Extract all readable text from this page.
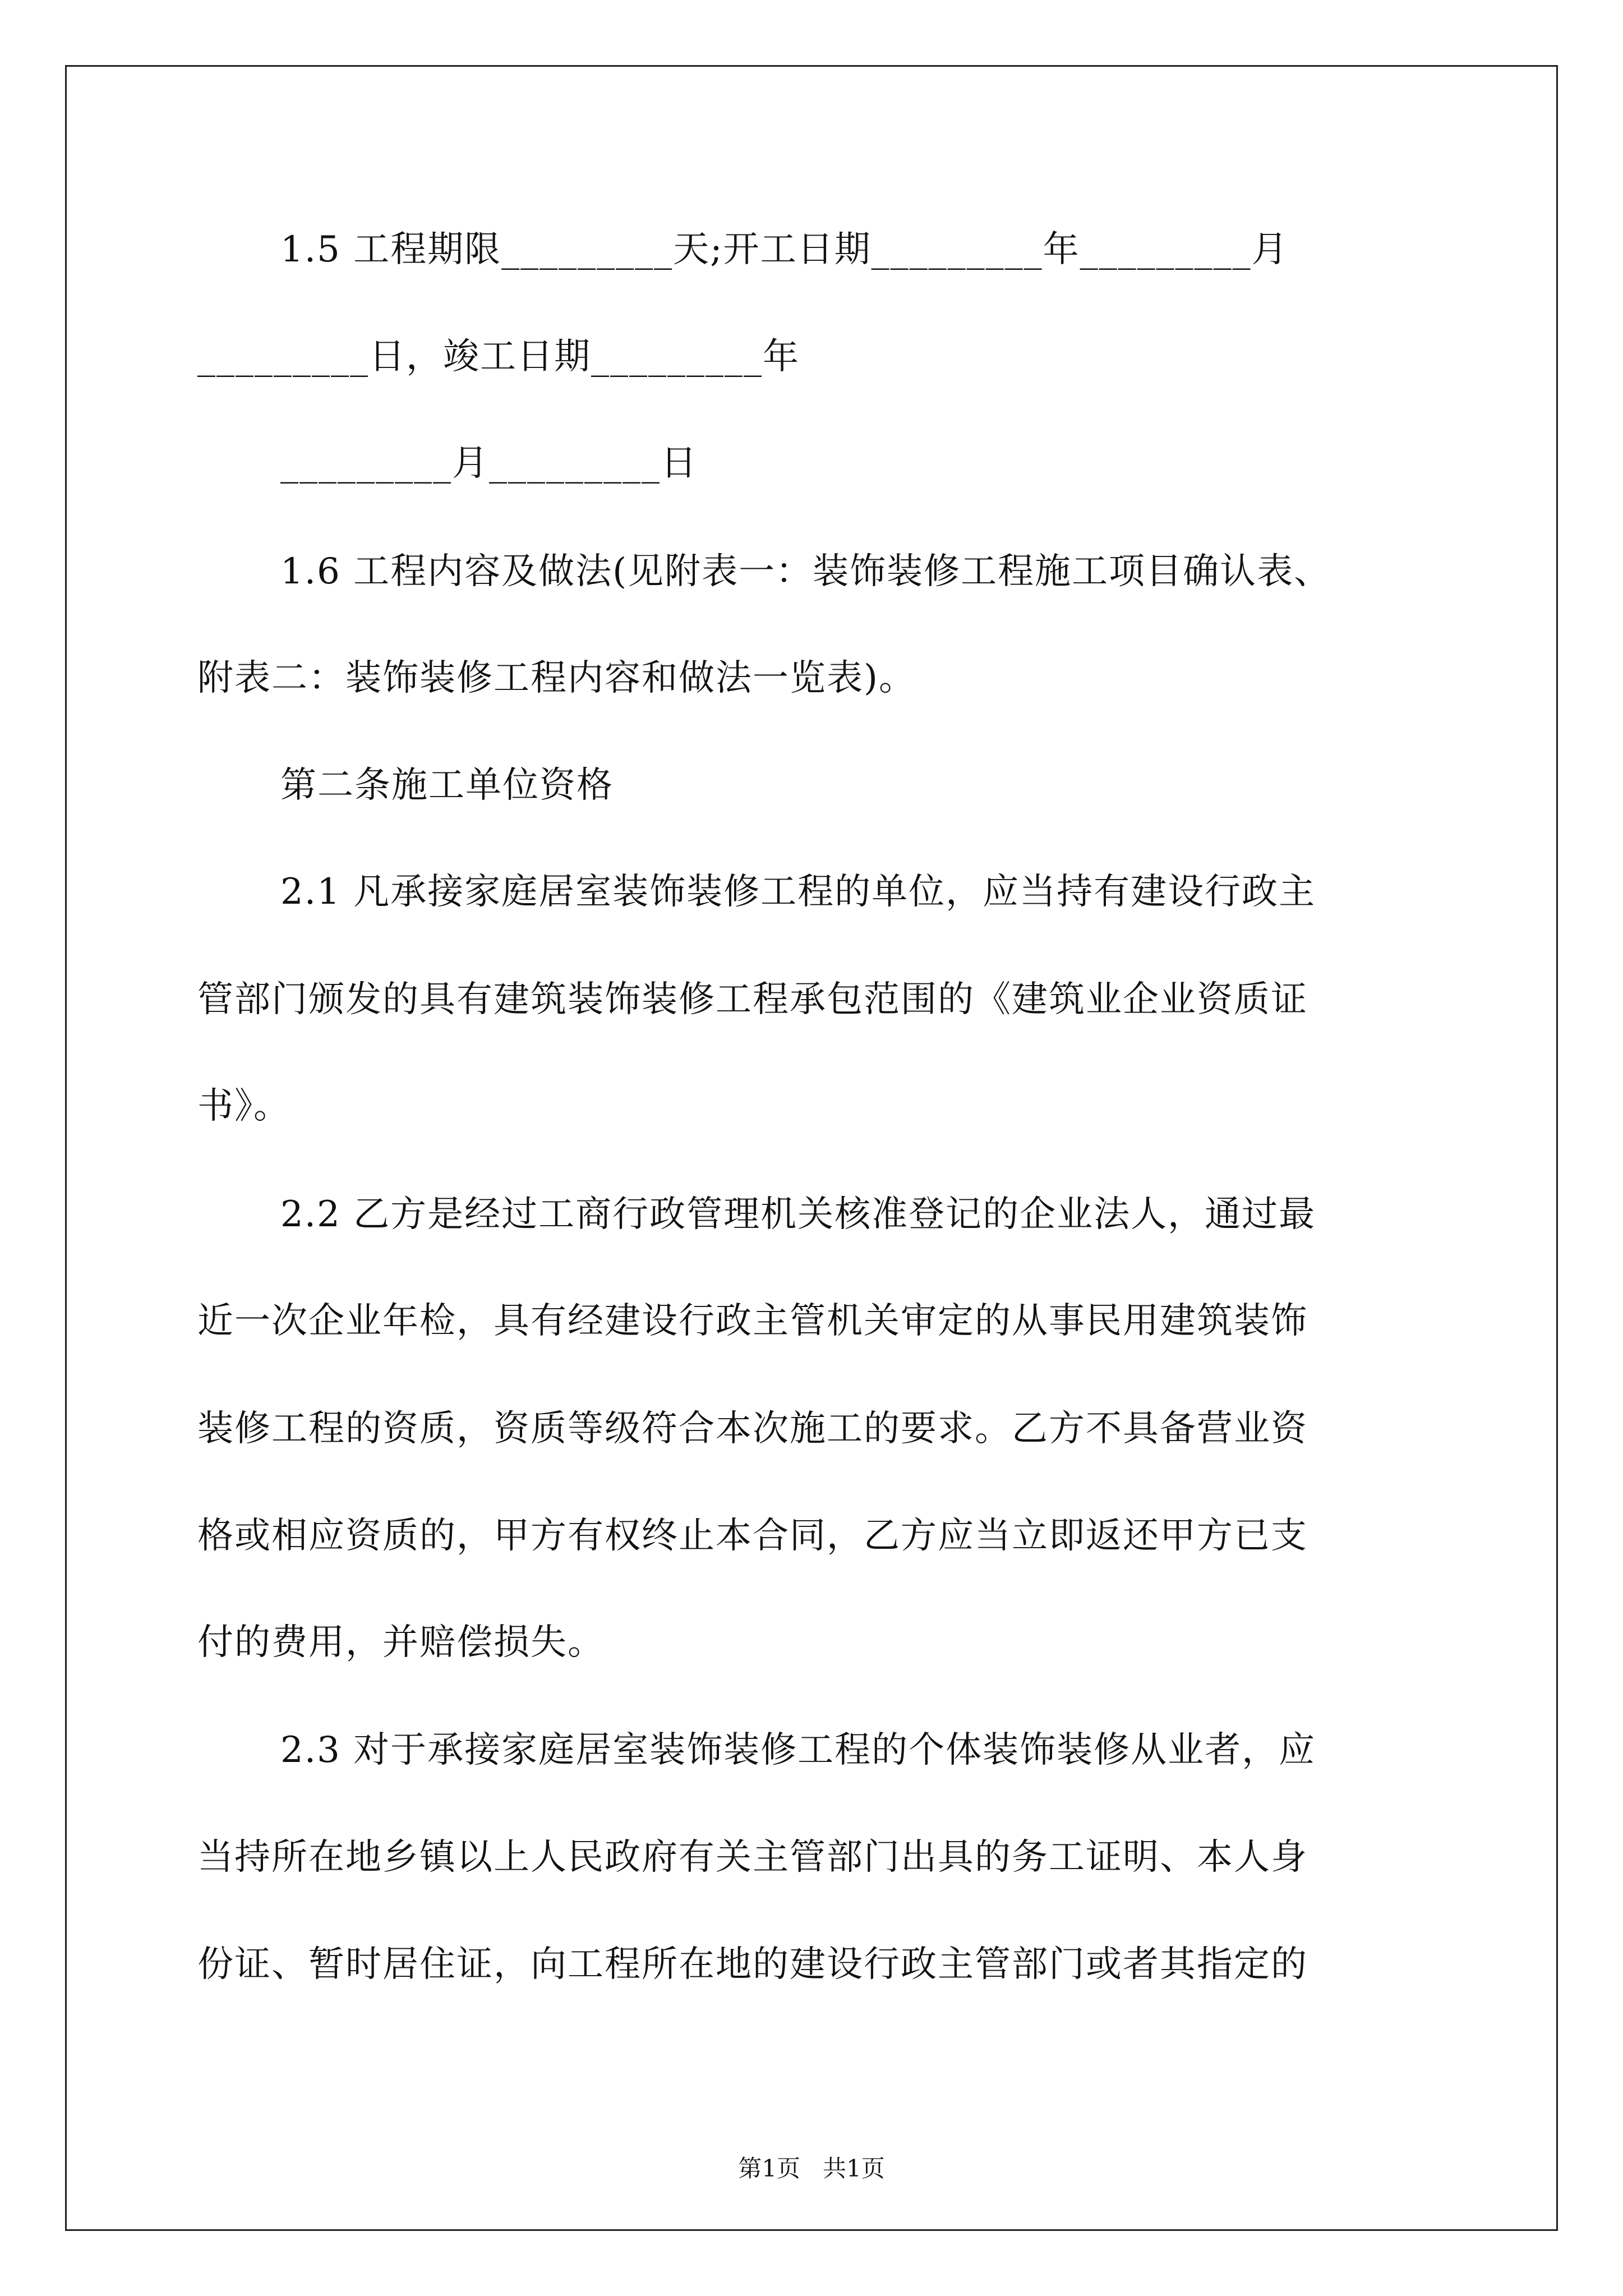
1.5 工程期限_________天;开工日期_________年_________月
_________日，竣工日期_________年
_________月_________日
1.6 工程内容及做法(见附表一：装饰装修工程施工项目确认表、
附表二：装饰装修工程内容和做法一览表)。
第二条施工单位资格
2.1 凡承接家庭居室装饰装修工程的单位，应当持有建设行政主
管部门颁发的具有建筑装饰装修工程承包范围的《建筑业企业资质证
书》。
2.2 乙方是经过工商行政管理机关核准登记的企业法人，通过最
近一次企业年检，具有经建设行政主管机关审定的从事民用建筑装饰
装修工程的资质，资质等级符合本次施工的要求。乙方不具备营业资
格或相应资质的，甲方有权终止本合同，乙方应当立即返还甲方已支
付的费用，并赔偿损失。
2.3 对于承接家庭居室装饰装修工程的个体装饰装修从业者，应
当持所在地乡镇以上人民政府有关主管部门出具的务工证明、本人身
份证、暂时居住证，向工程所在地的建设行政主管部门或者其指定的
第1页 共1页
